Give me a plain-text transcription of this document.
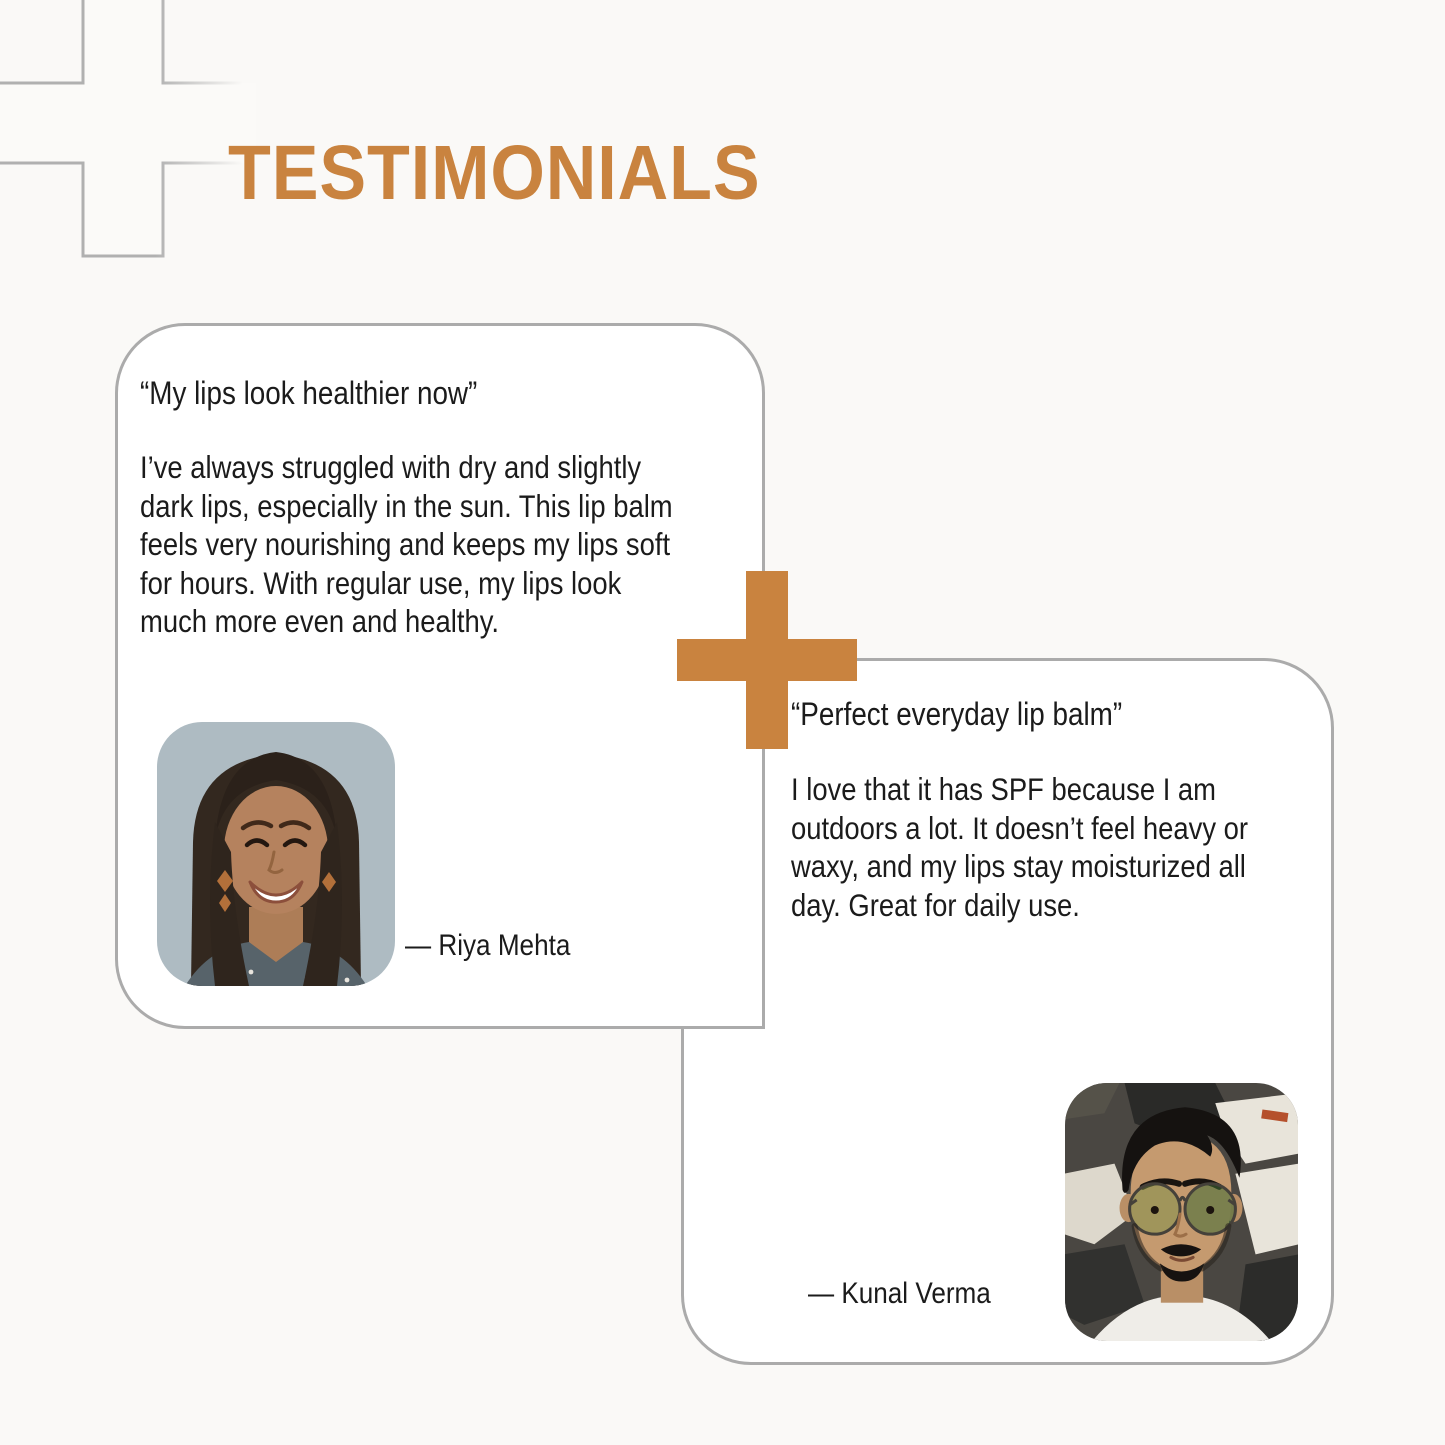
TESTIMONIALS
“My lips look healthier now”
I’ve always struggled with dry and slightly
dark lips, especially in the sun. This lip balm
feels very nourishing and keeps my lips soft
for hours. With regular use, my lips look
much more even and healthy.
— Riya Mehta
“Perfect everyday lip balm”
I love that it has SPF because I am
outdoors a lot. It doesn’t feel heavy or
waxy, and my lips stay moisturized all
day. Great for daily use.
— Kunal Verma
